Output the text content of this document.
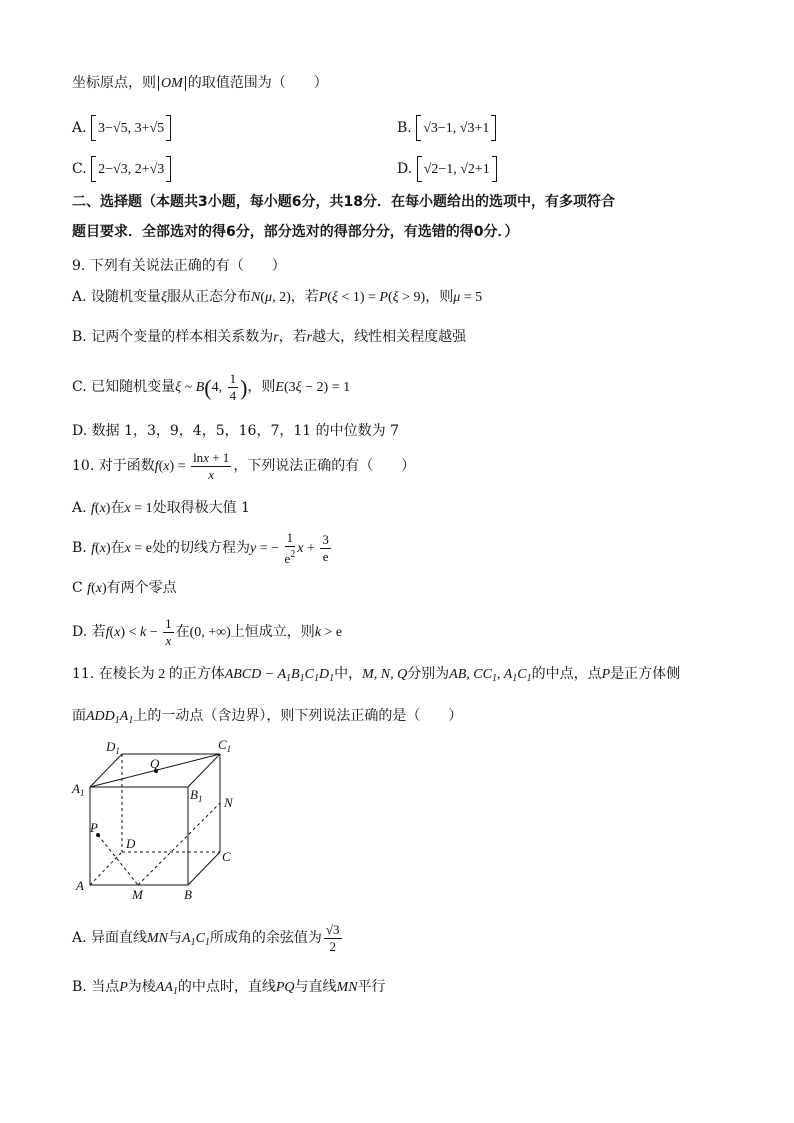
坐标原点，则 OM 的取值范围为（　　）
A. 3−√5, 3+√5	B. √3−1, √3+1
C. 2−√3, 2+√3	D. √2−1, √2+1
二、选择题（本题共3小题，每小题6分，共18分．在每小题给出的选项中，有多项符合
题目要求．全部选对的得6分，部分选对的得部分分，有选错的得0分．）
9. 下列有关说法正确的有（　　）
A. 设随机变量ξ服从正态分布N(μ, 2)，若P(ξ < 1) = P(ξ > 9)，则μ = 5
B. 记两个变量的样本相关系数为r，若r越大，线性相关程度越强
C. 已知随机变量ξ ~ B(4, $\frac{1}{4}$ )，则E(3ξ − 2) = 1
D. 数据 1，3，9，4，5，16，7，11 的中位数为 7
10. 对于函数$f(x) = \frac{\ln x + 1}{x}$ ，下列说法正确的有（　　）
A. f(x)在x = 1处取得极大值 1
B. f(x)在x = e处的切线方程为y = − $\frac{1}{e^2}$ $x + \frac{3}{e}$
C f(x)有两个零点
D. 若$f(x) < k - \frac{1}{x}$ 在(0, +∞)上恒成立，则k > e
11. 在棱长为 2 的正方体ABCD − $A_1B_1C_1D_1$中，M, N, Q分别为AB, $CC_1$, $A_1C_1$的中点，点P是正方体侧
面$ADD_1A_1$上的一动点（含边界），则下列说法正确的是（　　）
$D_1$	$C_1$
$A_1$	$B_1$
Q
N
P
D
C
A
M	B
A. 异面直线MN与$A_1C_1$所成角的余弦值为 $\frac{√3}{2}$
B. 当点P为棱$AA_1$的中点时，直线PQ与直线MN平行
